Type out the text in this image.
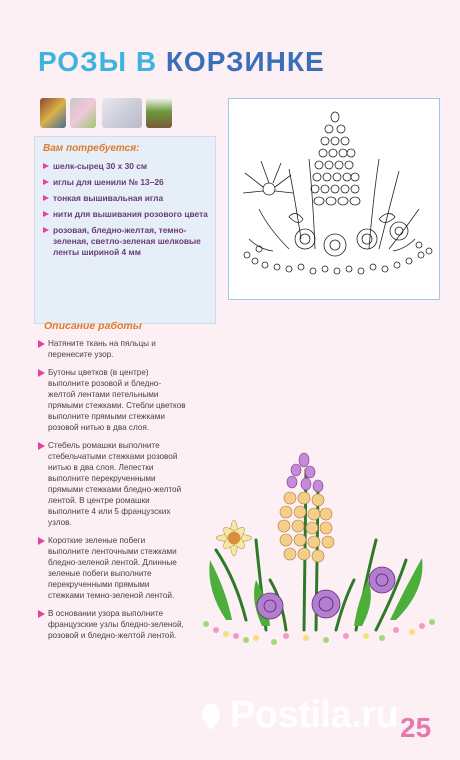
РОЗЫ В КОРЗИНКЕ
Вам потребуется:
шелк-сырец 30 х 30 см
иглы для шенили № 13–26
тонкая вышивальная игла
нити для вышивания розового цвета
розовая, бледно-желтая, темно-зеленая, светло-зеленая шелковые ленты шириной 4 мм
Описание работы

Натяните ткань на пяльцы и перенесите узор.

Бутоны цветков (в центре) выполните розовой и бледно-желтой лентами петельными прямыми стежками. Стебли цветков выполните прямыми стежками розовой нитью в два слоя.

Стебель ромашки выполните стебельчатыми стежками розовой нитью в два слоя. Лепестки выполните перекрученными прямыми стежками бледно-желтой лентой. В центре ромашки выполните 4 или 5 французских узлов.

Короткие зеленые побеги выполните ленточными стежками бледно-зеленой лентой. Длинные зеленые побеги выполните перекрученными прямыми стежками темно-зеленой лентой.

В основании узора выполните французские узлы бледно-зеленой, розовой и бледно-желтой лентой.

25
Postila.ru
